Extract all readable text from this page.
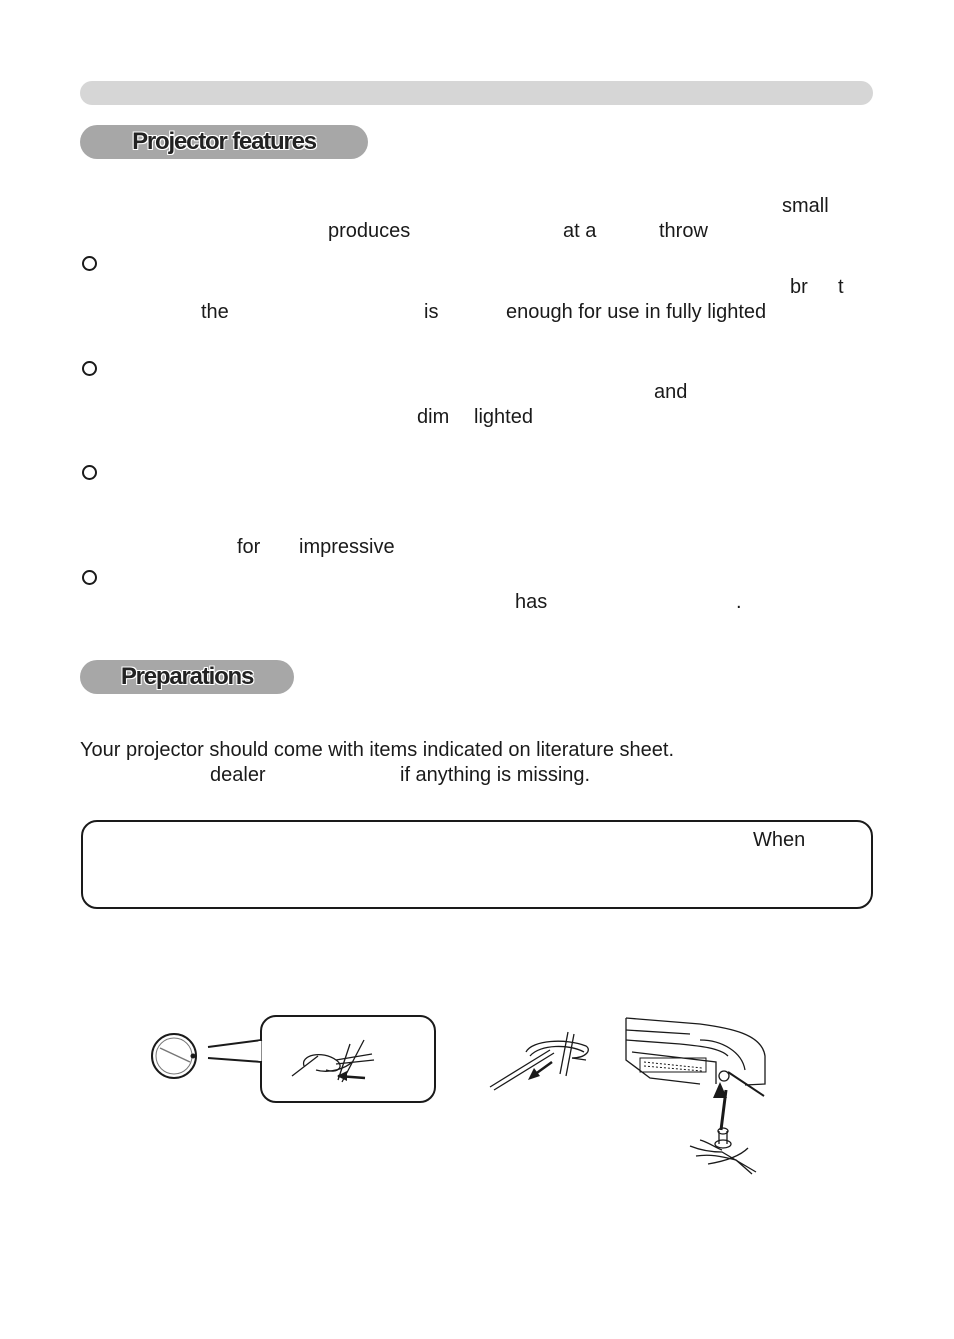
Projector features
small
produces	at a	throw
br t
the	is	enough for use in fully lighted
and
dim lighted
for impressive
has	.
Preparations
Your projector should come with items indicated on literature sheet.
dealer	if anything is missing.
When
